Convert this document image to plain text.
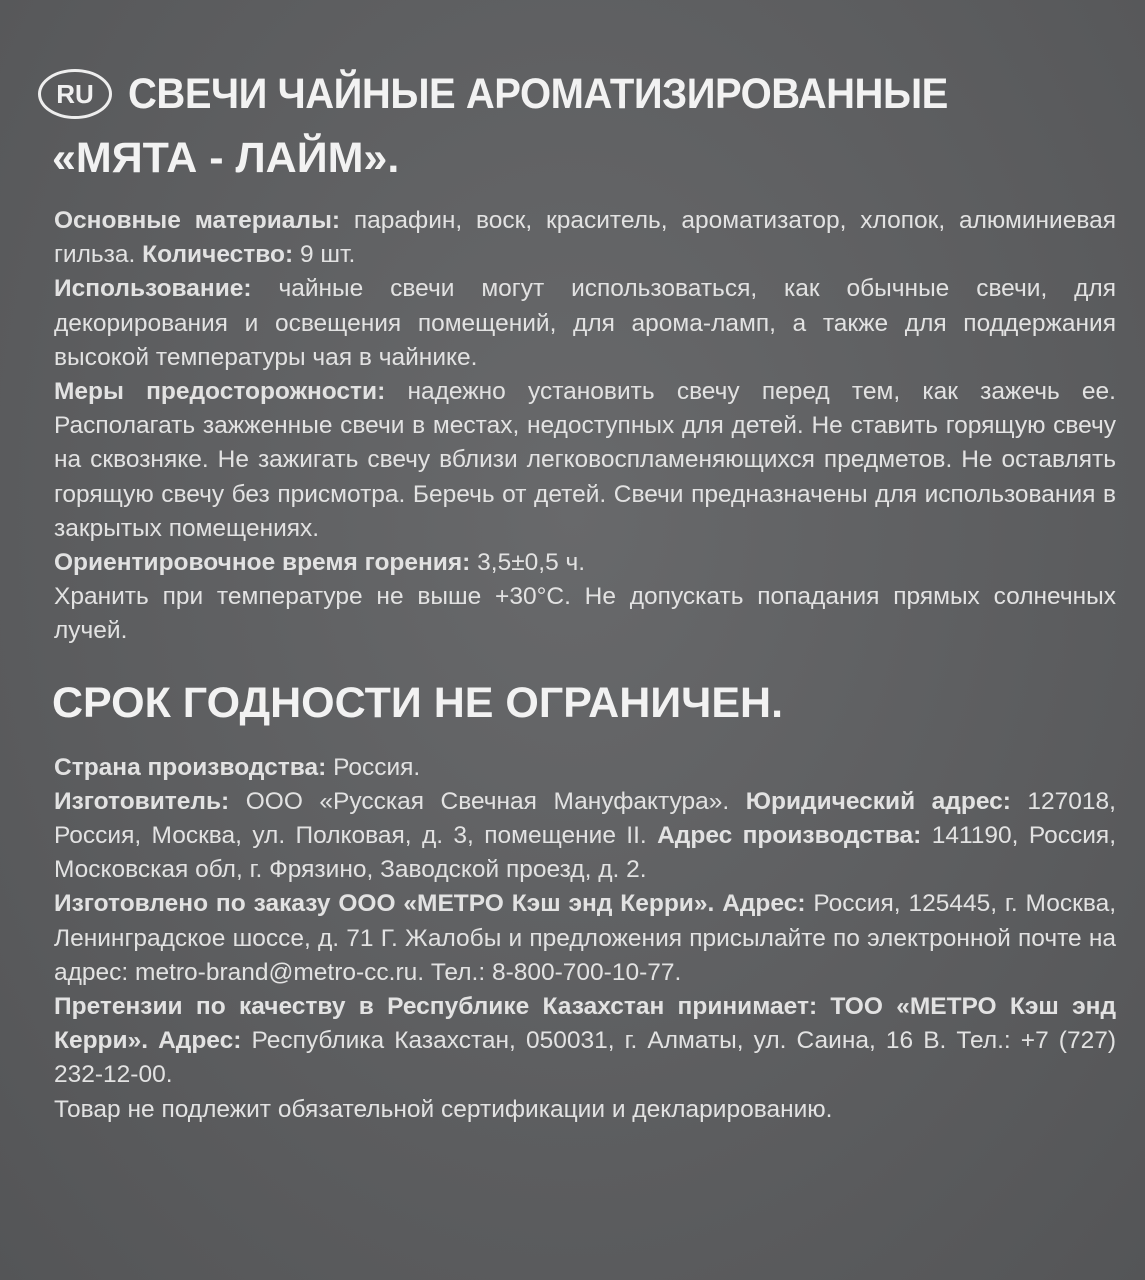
RU СВЕЧИ ЧАЙНЫЕ АРОМАТИЗИРОВАННЫЕ
«МЯТА - ЛАЙМ».

Основные материалы: парафин, воск, краситель, ароматизатор, хлопок, алюминиевая гильза. Количество: 9 шт.

Использование: чайные свечи могут использоваться, как обычные свечи, для декорирования и освещения помещений, для арома-ламп, а также для поддержания высокой температуры чая в чайнике.

Меры предосторожности: надежно установить свечу перед тем, как зажечь ее. Располагать зажженные свечи в местах, недоступных для детей. Не ставить горящую свечу на сквозняке. Не зажигать свечу вблизи легковоспламеняющихся предметов. Не оставлять горящую свечу без присмотра. Беречь от детей. Свечи предназначены для использования в закрытых помещениях.

Ориентировочное время горения: 3,5±0,5 ч.

Хранить при температуре не выше +30°С. Не допускать попадания прямых солнечных лучей.

СРОК ГОДНОСТИ НЕ ОГРАНИЧЕН.

Страна производства: Россия.

Изготовитель: ООО «Русская Свечная Мануфактура». Юридический адрес: 127018, Россия, Москва, ул. Полковая, д. 3, помещение II. Адрес производства: 141190, Россия, Московская обл, г. Фрязино, Заводской проезд, д. 2.

Изготовлено по заказу ООО «МЕТРО Кэш энд Керри». Адрес: Россия, 125445, г. Москва, Ленинградское шоссе, д. 71 Г. Жалобы и предложения присылайте по электронной почте на адрес: metro-brand@metro-cc.ru. Тел.: 8-800-700-10-77.

Претензии по качеству в Республике Казахстан принимает: ТОО «МЕТРО Кэш энд Керри». Адрес: Республика Казахстан, 050031, г. Алматы, ул. Саина, 16 В. Тел.: +7 (727) 232-12-00.

Товар не подлежит обязательной сертификации и декларированию.
